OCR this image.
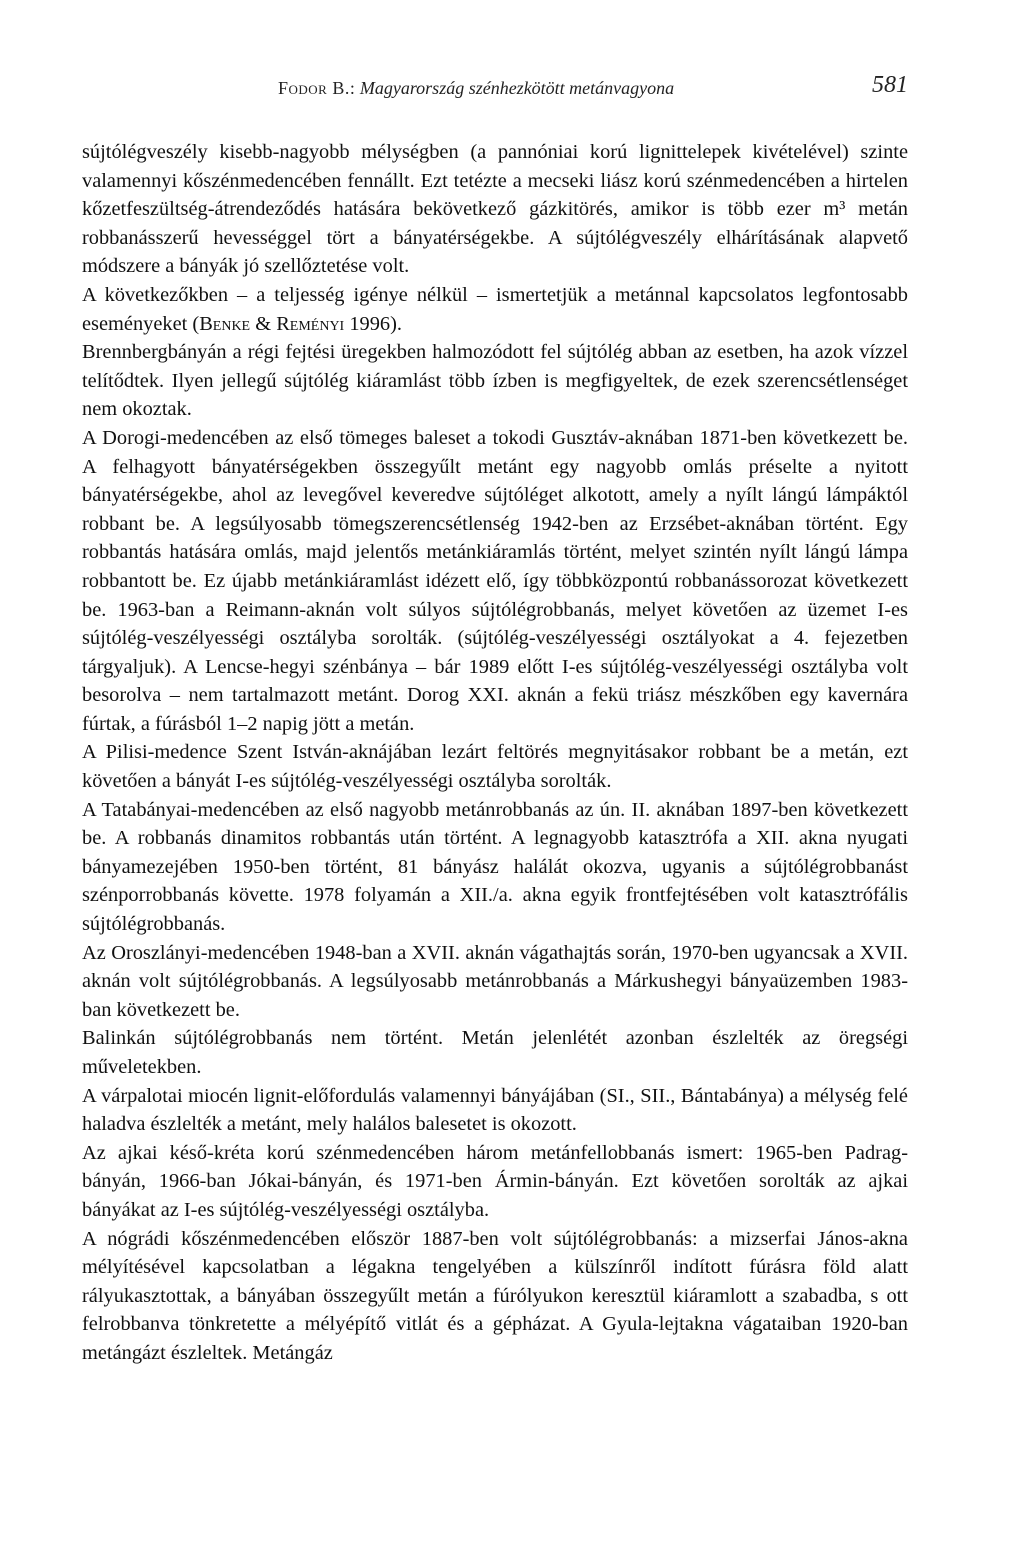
Fodor B.: Magyarország szénhezkötött metánvagyona	581

sújtólégveszély kisebb-nagyobb mélységben (a pannóniai korú lignittelepek kivételével) szinte valamennyi kőszénmedencében fennállt. Ezt tetézte a mecseki liász korú szénmedencében a hirtelen kőzetfeszültség-átrendeződés hatására bekövetkező gázkitörés, amikor is több ezer m³ metán robbanásszerű hevességgel tört a bányatérségekbe. A sújtólégveszély elhárításának alapvető módszere a bányák jó szellőztetése volt.

A következőkben – a teljesség igénye nélkül – ismertetjük a metánnal kapcsolatos legfontosabb eseményeket (Benke & Reményi 1996).

Brennbergbányán a régi fejtési üregekben halmozódott fel sújtólég abban az esetben, ha azok vízzel telítődtek. Ilyen jellegű sújtólég kiáramlást több ízben is megfigyeltek, de ezek szerencsétlenséget nem okoztak.

A Dorogi-medencében az első tömeges baleset a tokodi Gusztáv-aknában 1871-ben következett be. A felhagyott bányatérségekben összegyűlt metánt egy nagyobb omlás préselte a nyitott bányatérségekbe, ahol az levegővel keveredve sújtóléget alkotott, amely a nyílt lángú lámpáktól robbant be. A legsúlyosabb tömegszerencsétlenség 1942-ben az Erzsébet-aknában történt. Egy robbantás hatására omlás, majd jelentős metánkiáramlás történt, melyet szintén nyílt lángú lámpa robbantott be. Ez újabb metánkiáramlást idézett elő, így többközpontú robbanássorozat következett be. 1963-ban a Reimann-aknán volt súlyos sújtólégrobbanás, melyet követően az üzemet I-es sújtólég-veszélyességi osztályba sorolták. (sújtólég-veszélyességi osztályokat a 4. fejezetben tárgyaljuk). A Lencse-hegyi szénbánya – bár 1989 előtt I-es sújtólég-veszélyességi osztályba volt besorolva – nem tartalmazott metánt. Dorog XXI. aknán a fekü triász mészkőben egy kavernára fúrtak, a fúrásból 1–2 napig jött a metán.

A Pilisi-medence Szent István-aknájában lezárt feltörés megnyitásakor robbant be a metán, ezt követően a bányát I-es sújtólég-veszélyességi osztályba sorolták.

A Tatabányai-medencében az első nagyobb metánrobbanás az ún. II. aknában 1897-ben következett be. A robbanás dinamitos robbantás után történt. A legnagyobb katasztrófa a XII. akna nyugati bányamezejében 1950-ben történt, 81 bányász halálát okozva, ugyanis a sújtólégrobbanást szénporrobbanás követte. 1978 folyamán a XII./a. akna egyik frontfejtésében volt katasztrófális sújtólégrobbanás.

Az Oroszlányi-medencében 1948-ban a XVII. aknán vágathajtás során, 1970-ben ugyancsak a XVII. aknán volt sújtólégrobbanás. A legsúlyosabb metánrobbanás a Márkushegyi bányaüzemben 1983-ban következett be.

Balinkán sújtólégrobbanás nem történt. Metán jelenlétét azonban észlelték az öregségi műveletekben.

A várpalotai miocén lignit-előfordulás valamennyi bányájában (SI., SII., Bántabánya) a mélység felé haladva észlelték a metánt, mely halálos balesetet is okozott.

Az ajkai késő-kréta korú szénmedencében három metánfellobbanás ismert: 1965-ben Padrag-bányán, 1966-ban Jókai-bányán, és 1971-ben Ármin-bányán. Ezt követően sorolták az ajkai bányákat az I-es sújtólég-veszélyességi osztályba.

A nógrádi kőszénmedencében először 1887-ben volt sújtólégrobbanás: a mizserfai János-akna mélyítésével kapcsolatban a légakna tengelyében a külszínről indított fúrásra föld alatt rályukasztottak, a bányában összegyűlt metán a fúrólyukon keresztül kiáramlott a szabadba, s ott felrobbanva tönkretette a mélyépítő vitlát és a gépházat. A Gyula-lejtakna vágataiban 1920-ban metángázt észleltek. Metángáz
